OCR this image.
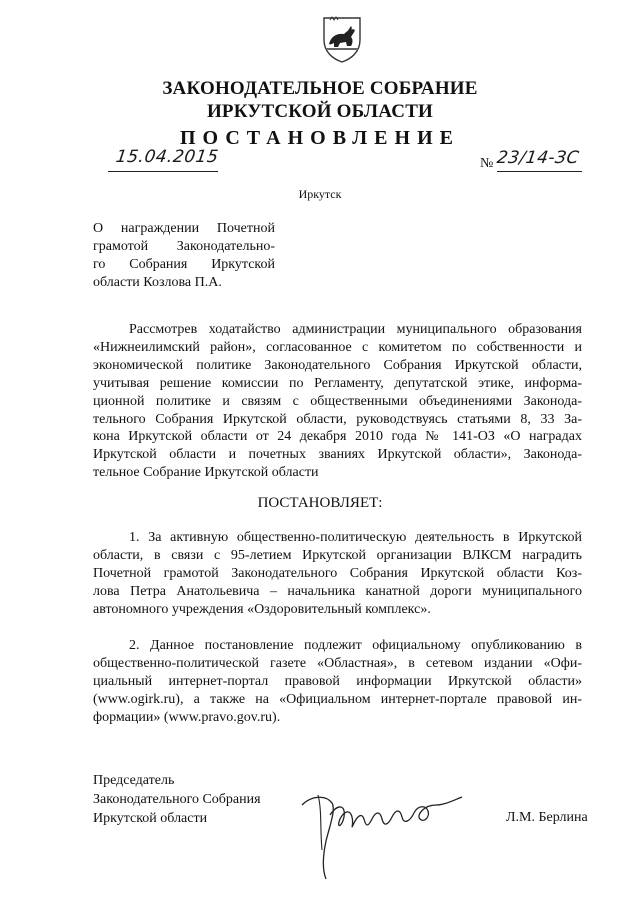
ЗАКОНОДАТЕЛЬНОЕ СОБРАНИЕ
ИРКУТСКОЙ ОБЛАСТИ
ПОСТАНОВЛЕНИЕ
15.04.2015	№ 23/14-ЗС
Иркутск
О награждении Почетной
грамотой Законодательно-
го Собрания Иркутской
области Козлова П.А.
Рассмотрев ходатайство администрации муниципального образования
«Нижнеилимский район», согласованное с комитетом по собственности и
экономической политике Законодательного Собрания Иркутской области,
учитывая решение комиссии по Регламенту, депутатской этике, информа-
ционной политике и связям с общественными объединениями Законода-
тельного Собрания Иркутской области, руководствуясь статьями 8, 33 За-
кона Иркутской области от 24 декабря 2010 года № 141-ОЗ «О наградах
Иркутской области и почетных званиях Иркутской области», Законода-
тельное Собрание Иркутской области
ПОСТАНОВЛЯЕТ:
1. За активную общественно-политическую деятельность в Иркутской
области, в связи с 95-летием Иркутской организации ВЛКСМ наградить
Почетной грамотой Законодательного Собрания Иркутской области Коз-
лова Петра Анатольевича – начальника канатной дороги муниципального
автономного учреждения «Оздоровительный комплекс».
2. Данное постановление подлежит официальному опубликованию в
общественно-политической газете «Областная», в сетевом издании «Офи-
циальный интернет-портал правовой информации Иркутской области»
(www.ogirk.ru), а также на «Официальном интернет-портале правовой ин-
формации» (www.pravo.gov.ru).
Председатель
Законодательного Собрания
Иркутской области	Л.М. Берлина
